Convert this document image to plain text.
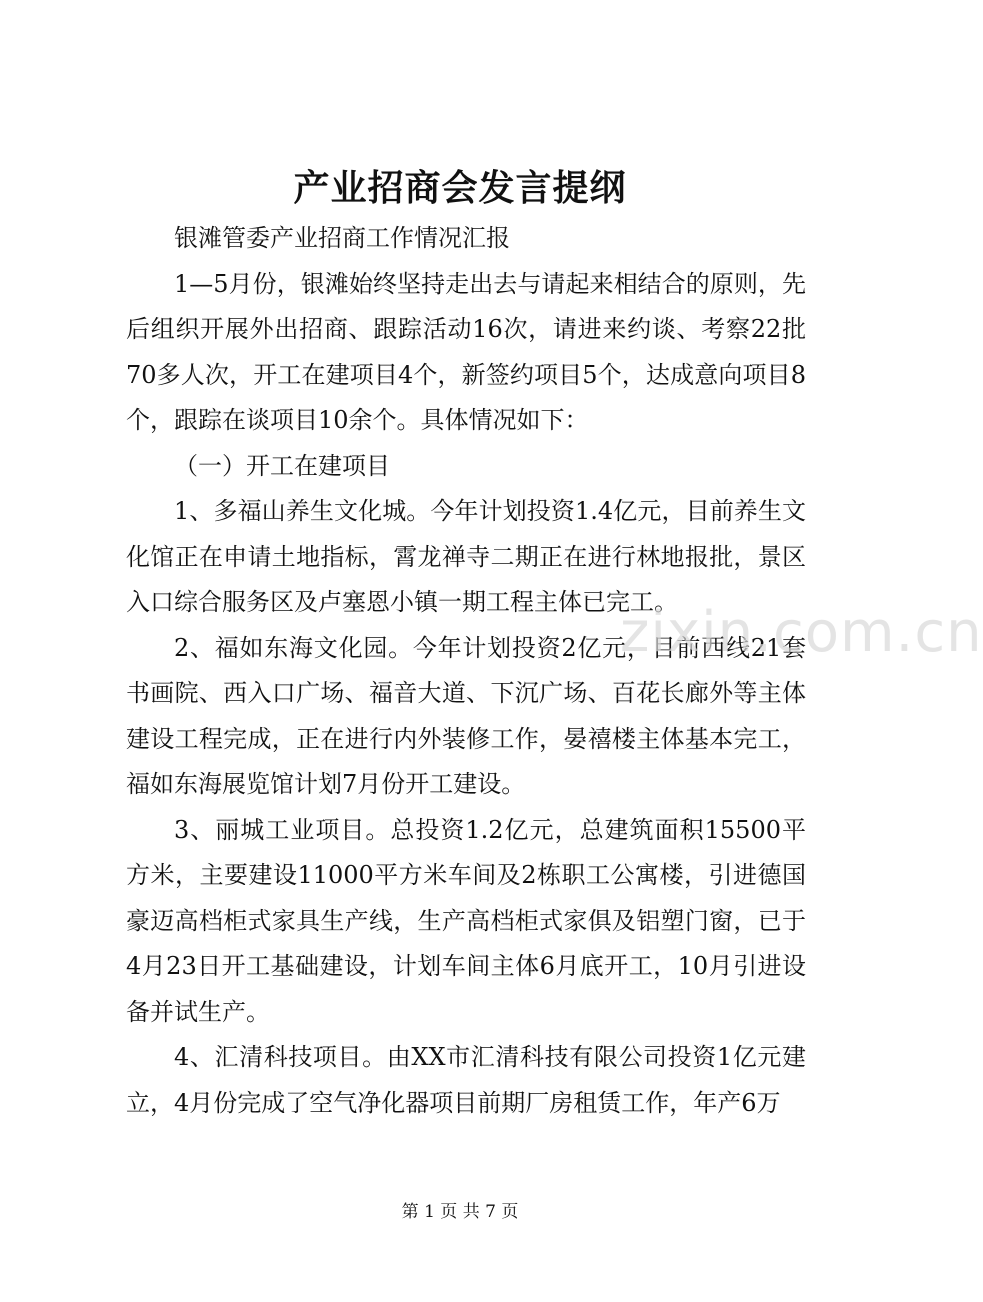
产业招商会发言提纲

银滩管委产业招商工作情况汇报

1—5月份，银滩始终坚持走出去与请起来相结合的原则，先后组织开展外出招商、跟踪活动16次，请进来约谈、考察22批70多人次，开工在建项目4个，新签约项目5个，达成意向项目8个，跟踪在谈项目10余个。具体情况如下：

（一）开工在建项目

1、多福山养生文化城。今年计划投资1.4亿元，目前养生文化馆正在申请土地指标，霄龙禅寺二期正在进行林地报批，景区入口综合服务区及卢塞恩小镇一期工程主体已完工。

2、福如东海文化园。今年计划投资2亿元，目前西线21套书画院、西入口广场、福音大道、下沉广场、百花长廊外等主体建设工程完成，正在进行内外装修工作，晏禧楼主体基本完工，福如东海展览馆计划7月份开工建设。

3、丽城工业项目。总投资1.2亿元，总建筑面积15500平方米，主要建设11000平方米车间及2栋职工公寓楼，引进德国豪迈高档柜式家具生产线，生产高档柜式家俱及铝塑门窗，已于4月23日开工基础建设，计划车间主体6月底开工，10月引进设备并试生产。

4、汇清科技项目。由XX市汇清科技有限公司投资1亿元建立，4月份完成了空气净化器项目前期厂房租赁工作，年产6万

zixin.com.cn
第 1 页 共 7 页
